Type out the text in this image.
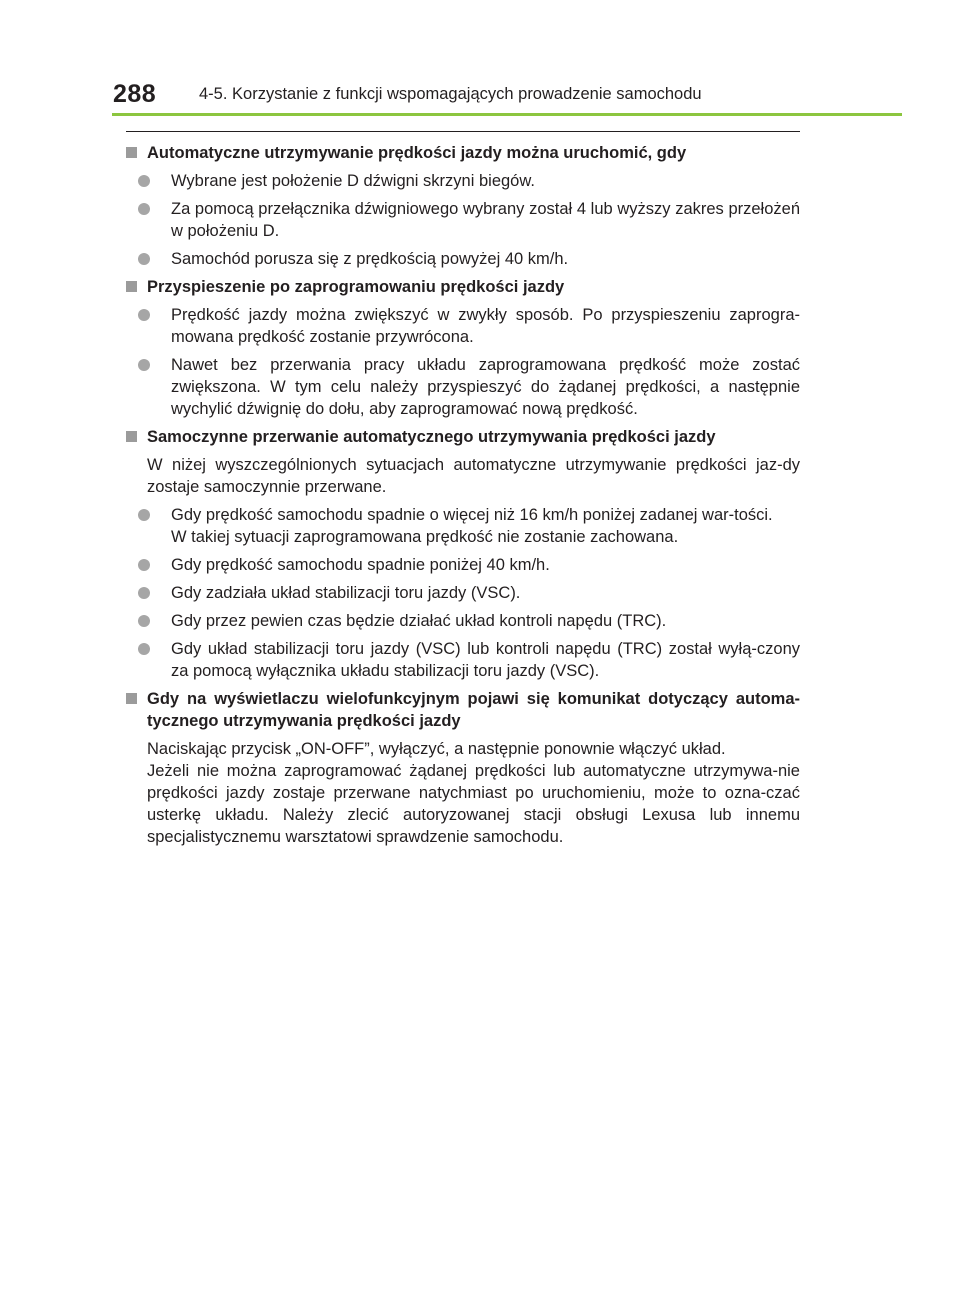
288	4-5. Korzystanie z funkcji wspomagających prowadzenie samochodu
Automatyczne utrzymywanie prędkości jazdy można uruchomić, gdy
Wybrane jest położenie D dźwigni skrzyni biegów.
Za pomocą przełącznika dźwigniowego wybrany został 4 lub wyższy zakres przełożeń w położeniu D.
Samochód porusza się z prędkością powyżej 40 km/h.
Przyspieszenie po zaprogramowaniu prędkości jazdy
Prędkość jazdy można zwiększyć w zwykły sposób. Po przyspieszeniu zaprogra-mowana prędkość zostanie przywrócona.
Nawet bez przerwania pracy układu zaprogramowana prędkość może zostać zwiększona. W tym celu należy przyspieszyć do żądanej prędkości, a następnie wychylić dźwignię do dołu, aby zaprogramować nową prędkość.
Samoczynne przerwanie automatycznego utrzymywania prędkości jazdy
W niżej wyszczególnionych sytuacjach automatyczne utrzymywanie prędkości jaz-dy zostaje samoczynnie przerwane.
Gdy prędkość samochodu spadnie o więcej niż 16 km/h poniżej zadanej war-tości.
W takiej sytuacji zaprogramowana prędkość nie zostanie zachowana.
Gdy prędkość samochodu spadnie poniżej 40 km/h.
Gdy zadziała układ stabilizacji toru jazdy (VSC).
Gdy przez pewien czas będzie działać układ kontroli napędu (TRC).
Gdy układ stabilizacji toru jazdy (VSC) lub kontroli napędu (TRC) został wyłą-czony za pomocą wyłącznika układu stabilizacji toru jazdy (VSC).
Gdy na wyświetlaczu wielofunkcyjnym pojawi się komunikat dotyczący automa-tycznego utrzymywania prędkości jazdy
Naciskając przycisk „ON-OFF”, wyłączyć, a następnie ponownie włączyć układ.
Jeżeli nie można zaprogramować żądanej prędkości lub automatyczne utrzymywa-nie prędkości jazdy zostaje przerwane natychmiast po uruchomieniu, może to ozna-czać usterkę układu. Należy zlecić autoryzowanej stacji obsługi Lexusa lub innemu specjalistycznemu warsztatowi sprawdzenie samochodu.
